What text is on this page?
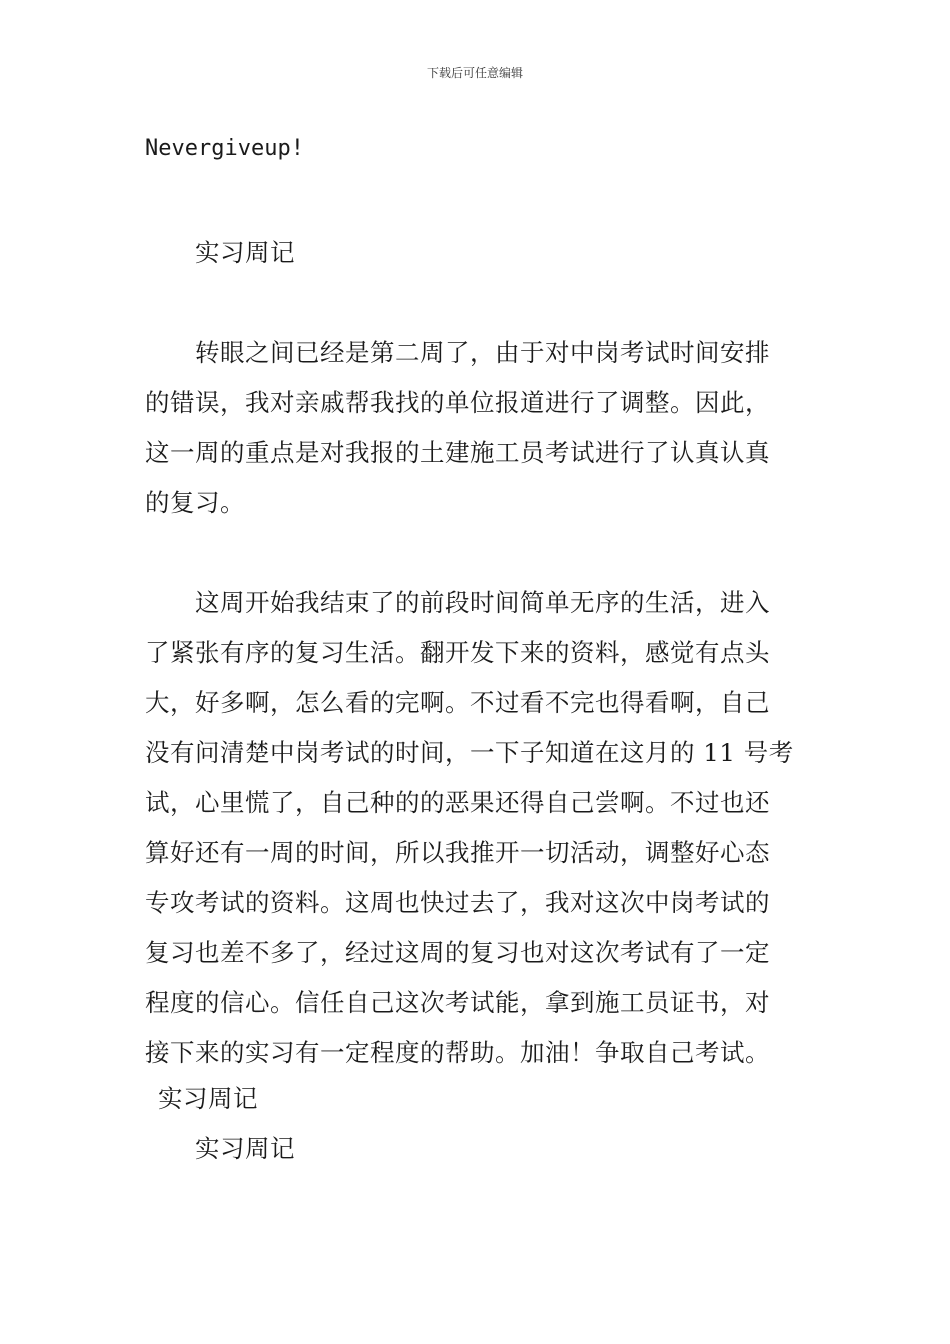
下载后可任意编辑
Nevergiveup!
实习周记
转眼之间已经是第二周了，由于对中岗考试时间安排
的错误，我对亲戚帮我找的单位报道进行了调整。因此，
这一周的重点是对我报的土建施工员考试进行了认真认真
的复习。
这周开始我结束了的前段时间简单无序的生活，进入
了紧张有序的复习生活。翻开发下来的资料，感觉有点头
大，好多啊，怎么看的完啊。不过看不完也得看啊，自己
没有问清楚中岗考试的时间，一下子知道在这月的 11 号考
试，心里慌了，自己种的的恶果还得自己尝啊。不过也还
算好还有一周的时间，所以我推开一切活动，调整好心态
专攻考试的资料。这周也快过去了，我对这次中岗考试的
复习也差不多了，经过这周的复习也对这次考试有了一定
程度的信心。信任自己这次考试能，拿到施工员证书，对
接下来的实习有一定程度的帮助。加油！争取自己考试。
实习周记
实习周记
